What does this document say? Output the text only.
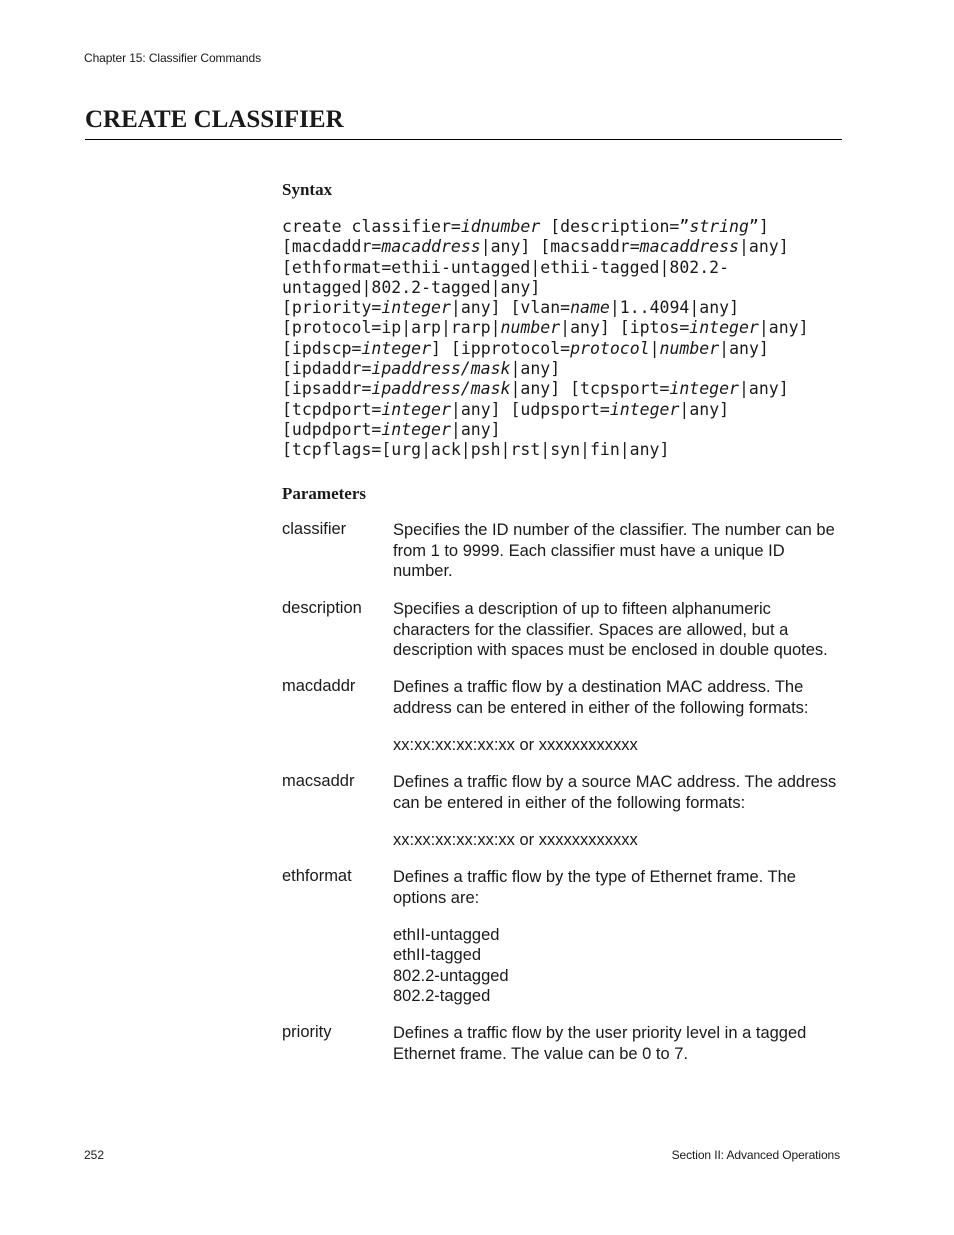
Chapter 15: Classifier Commands
CREATE CLASSIFIER
Syntax
create classifier=idnumber [description=”string”]
[macdaddr=macaddress|any] [macsaddr=macaddress|any]
[ethformat=ethii-untagged|ethii-tagged|802.2-
untagged|802.2-tagged|any]
[priority=integer|any] [vlan=name|1..4094|any]
[protocol=ip|arp|rarp|number|any] [iptos=integer|any]
[ipdscp=integer] [ipprotocol=protocol|number|any]
[ipdaddr=ipaddress/mask|any]
[ipsaddr=ipaddress/mask|any] [tcpsport=integer|any]
[tcpdport=integer|any] [udpsport=integer|any]
[udpdport=integer|any]
[tcpflags=[urg|ack|psh|rst|syn|fin|any]
Parameters
classifier	Specifies the ID number of the classifier. The number can be from 1 to 9999. Each classifier must have a unique ID number.
description Specifies a description of up to fifteen alphanumeric characters for the classifier. Spaces are allowed, but a description with spaces must be enclosed in double quotes.
macdaddr Defines a traffic flow by a destination MAC address. The address can be entered in either of the following formats:
xx:xx:xx:xx:xx:xx or xxxxxxxxxxxx
macsaddr Defines a traffic flow by a source MAC address. The address can be entered in either of the following formats:
xx:xx:xx:xx:xx:xx or xxxxxxxxxxxx
ethformat	Defines a traffic flow by the type of Ethernet frame. The options are:
ethII-untagged
ethII-tagged
802.2-untagged
802.2-tagged
priority	Defines a traffic flow by the user priority level in a tagged Ethernet frame. The value can be 0 to 7.
252	Section II: Advanced Operations
